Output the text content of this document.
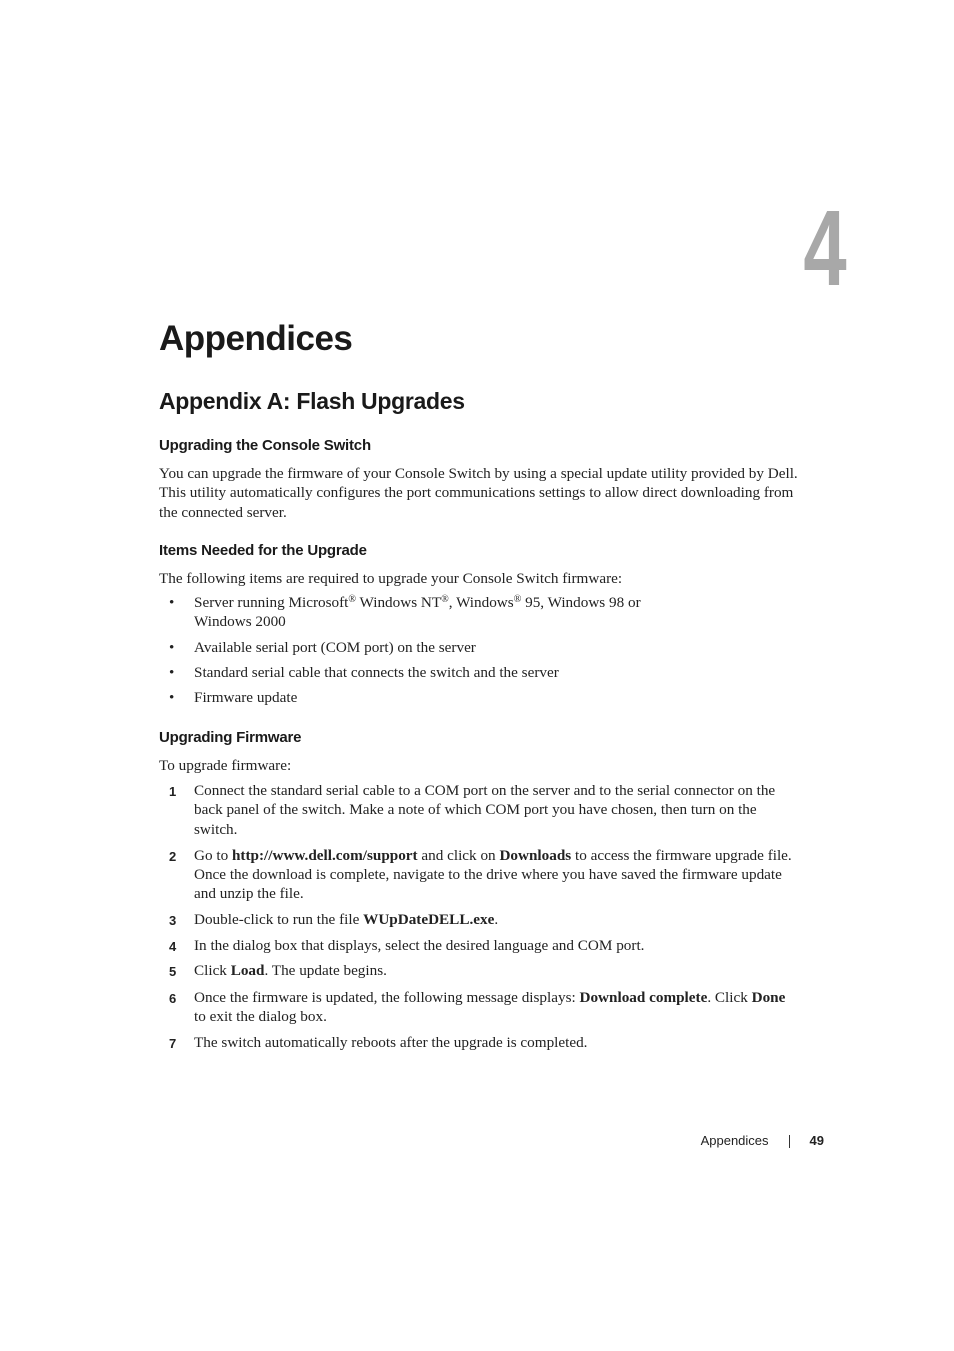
4
Appendices
Appendix A: Flash Upgrades
Upgrading the Console Switch

You can upgrade the firmware of your Console Switch by using a special update utility provided by Dell. This utility automatically configures the port communications settings to allow direct downloading from the connected server.

Items Needed for the Upgrade

The following items are required to upgrade your Console Switch firmware:

• Server running Microsoft® Windows NT®, Windows® 95, Windows 98 or
Windows 2000
• Available serial port (COM port) on the server
• Standard serial cable that connects the switch and the server
• Firmware update
Upgrading Firmware

To upgrade firmware:

1 Connect the standard serial cable to a COM port on the server and to the serial connector on the back panel of the switch. Make a note of which COM port you have chosen, then turn on the switch.
2 Go to http://www.dell.com/support and click on Downloads to access the firmware upgrade file. Once the download is complete, navigate to the drive where you have saved the firmware update and unzip the file.
3 Double-click to run the file WUpDateDELL.exe.
4 In the dialog box that displays, select the desired language and COM port.
5 Click Load. The update begins.
6 Once the firmware is updated, the following message displays: Download complete. Click Done to exit the dialog box.
7 The switch automatically reboots after the upgrade is completed.
Appendices	49
